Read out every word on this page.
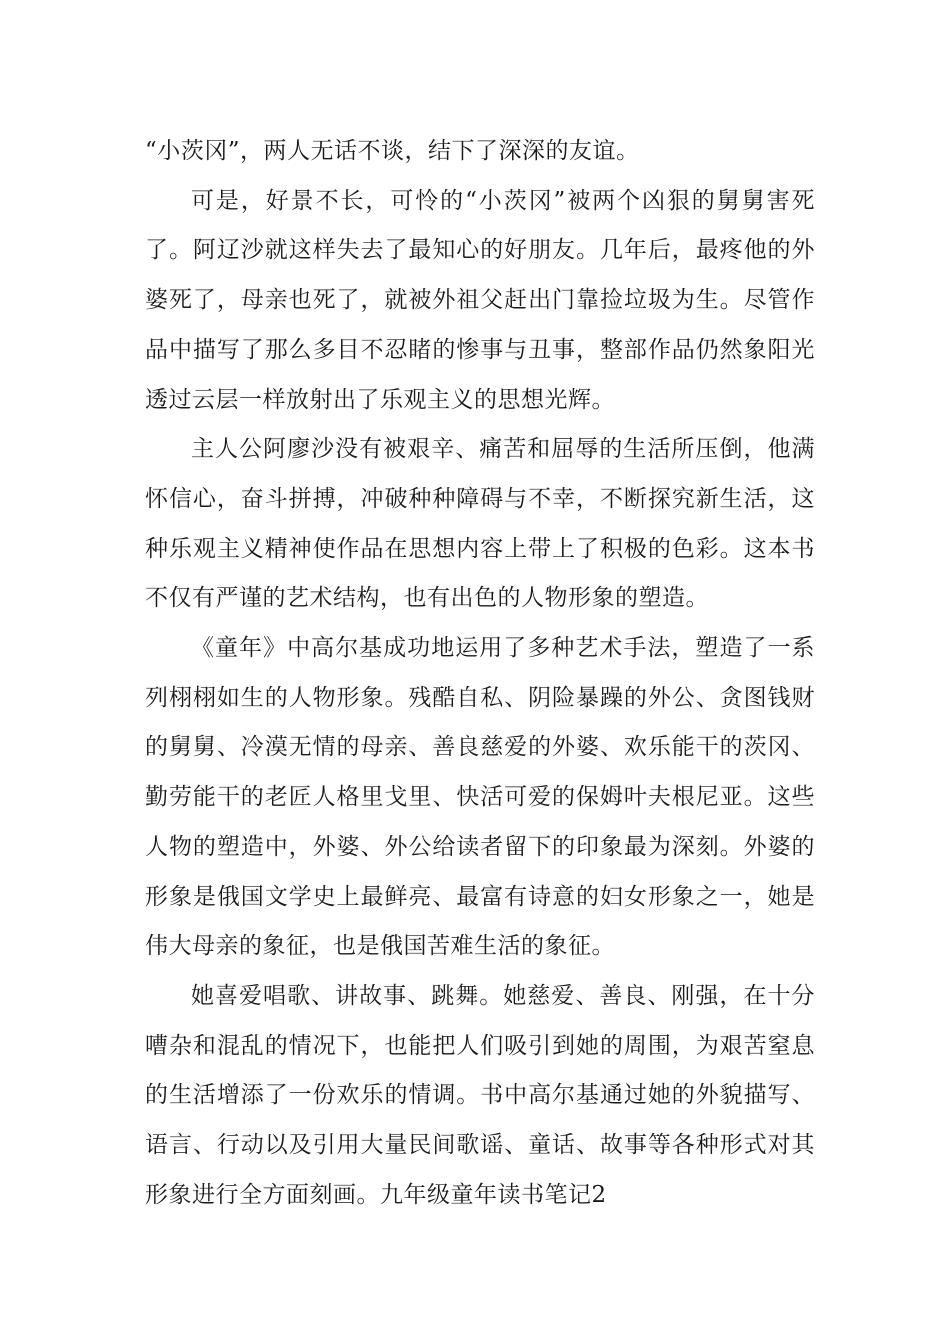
“小茨冈”，两人无话不谈，结下了深深的友谊。

可是，好景不长，可怜的“小茨冈”被两个凶狠的舅舅害死了。阿辽沙就这样失去了最知心的好朋友。几年后，最疼他的外婆死了，母亲也死了，就被外祖父赶出门靠捡垃圾为生。尽管作品中描写了那么多目不忍睹的惨事与丑事，整部作品仍然象阳光透过云层一样放射出了乐观主义的思想光辉。

主人公阿廖沙没有被艰辛、痛苦和屈辱的生活所压倒，他满怀信心，奋斗拼搏，冲破种种障碍与不幸，不断探究新生活，这种乐观主义精神使作品在思想内容上带上了积极的色彩。这本书不仅有严谨的艺术结构，也有出色的人物形象的塑造。

《童年》中高尔基成功地运用了多种艺术手法，塑造了一系列栩栩如生的人物形象。残酷自私、阴险暴躁的外公、贪图钱财的舅舅、冷漠无情的母亲、善良慈爱的外婆、欢乐能干的茨冈、勤劳能干的老匠人格里戈里、快活可爱的保姆叶夫根尼亚。这些人物的塑造中，外婆、外公给读者留下的印象最为深刻。外婆的形象是俄国文学史上最鲜亮、最富有诗意的妇女形象之一，她是伟大母亲的象征，也是俄国苦难生活的象征。

她喜爱唱歌、讲故事、跳舞。她慈爱、善良、刚强，在十分嘈杂和混乱的情况下，也能把人们吸引到她的周围，为艰苦窒息的生活增添了一份欢乐的情调。书中高尔基通过她的外貌描写、语言、行动以及引用大量民间歌谣、童话、故事等各种形式对其形象进行全方面刻画。九年级童年读书笔记2
